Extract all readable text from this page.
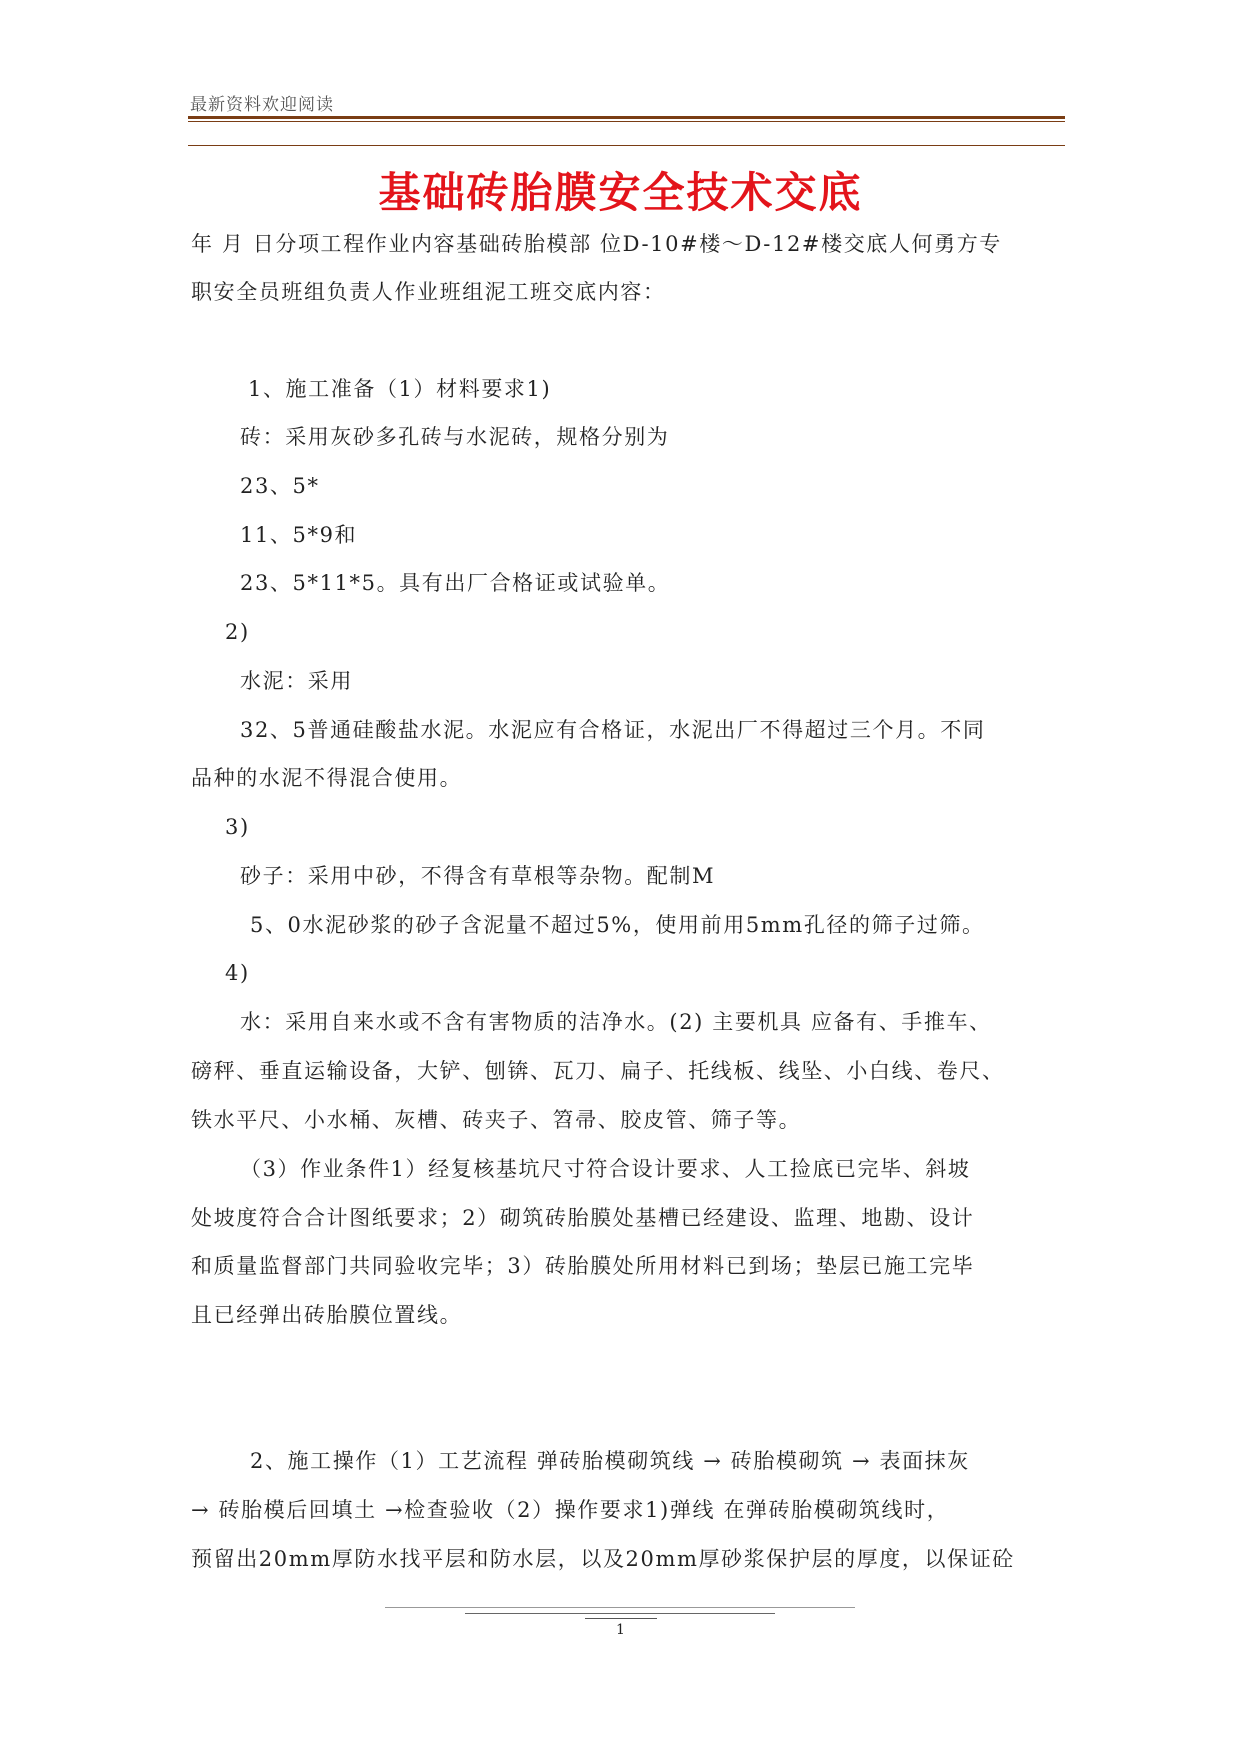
最新资料欢迎阅读
基础砖胎膜安全技术交底
年 月 日分项工程作业内容基础砖胎模部 位D-10#楼～D-12#楼交底人何勇方专
职安全员班组负责人作业班组泥工班交底内容：
1、施工准备（1）材料要求1)
砖：采用灰砂多孔砖与水泥砖，规格分别为
23、5*
11、5*9和
23、5*11*5。具有出厂合格证或试验单。
2)
水泥：采用
32、5普通硅酸盐水泥。水泥应有合格证，水泥出厂不得超过三个月。不同
品种的水泥不得混合使用。
3)
砂子：采用中砂，不得含有草根等杂物。配制M
5、0水泥砂浆的砂子含泥量不超过5%，使用前用5mm孔径的筛子过筛。
4)
水：采用自来水或不含有害物质的洁净水。(2) 主要机具 应备有、手推车、
磅秤、垂直运输设备，大铲、刨锛、瓦刀、扁子、托线板、线坠、小白线、卷尺、
铁水平尺、小水桶、灰槽、砖夹子、笤帚、胶皮管、筛子等。
（3）作业条件1）经复核基坑尺寸符合设计要求、人工捡底已完毕、斜坡
处坡度符合合计图纸要求；2）砌筑砖胎膜处基槽已经建设、监理、地勘、设计
和质量监督部门共同验收完毕；3）砖胎膜处所用材料已到场；垫层已施工完毕
且已经弹出砖胎膜位置线。
2、施工操作（1）工艺流程 弹砖胎模砌筑线 → 砖胎模砌筑 → 表面抹灰
→ 砖胎模后回填土 →检查验收（2）操作要求1)弹线 在弹砖胎模砌筑线时，
预留出20mm厚防水找平层和防水层，以及20mm厚砂浆保护层的厚度，以保证砼
1
